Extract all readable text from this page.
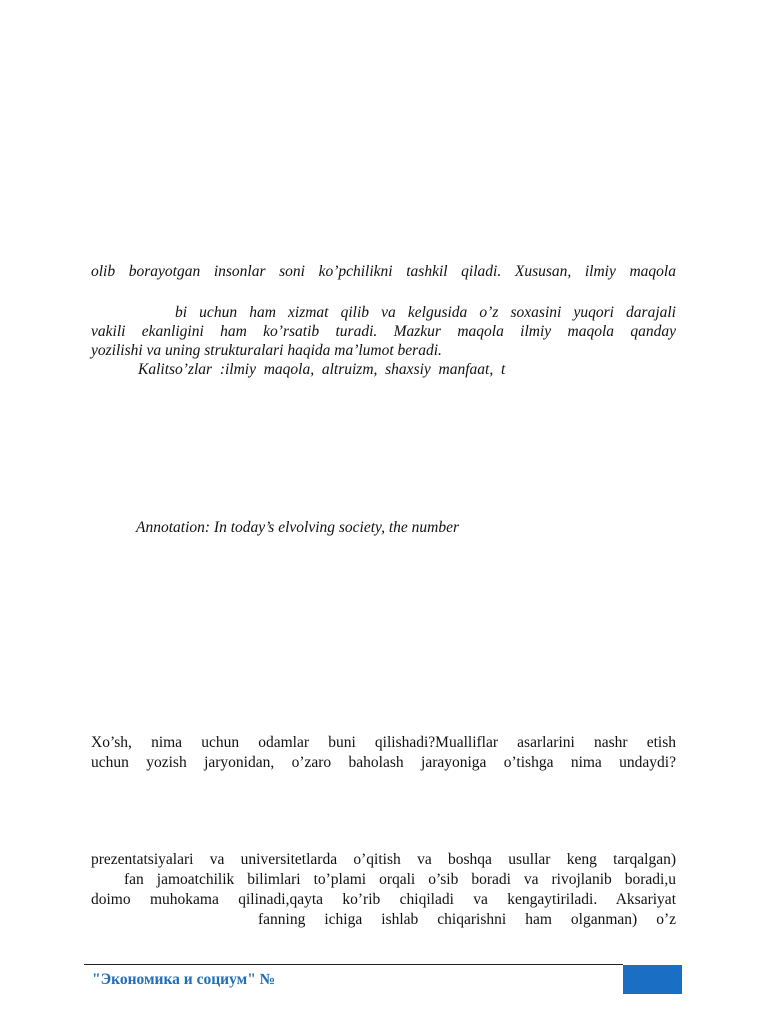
olib borayotgan insonlar soni ko’pchilikni tashkil qiladi. Xususan, ilmiy maqola
bi uchun ham xizmat qilib va kelgusida o’z soxasini yuqori darajali
vakili ekanligini ham ko’rsatib turadi. Mazkur maqola ilmiy maqola qanday
yozilishi va uning strukturalari haqida ma’lumot beradi.
Kalitso’zlar  :ilmiy  maqola,  altruizm,  shaxsiy  manfaat,  t
Annotation: In today’s elvolving society, the number
Xo’sh, nima uchun odamlar buni qilishadi?Mualliflar asarlarini nashr etish
uchun yozish jaryonidan, o’zaro baholash jarayoniga o’tishga nima undaydi?
prezentatsiyalari va universitetlarda o’qitish va boshqa usullar keng tarqalgan)
fan jamoatchilik bilimlari to’plami orqali o’sib boradi va rivojlanib boradi,u
doimo muhokama qilinadi,qayta ko’rib chiqiladi va kengaytiriladi. Aksariyat
fanning ichiga ishlab chiqarishni ham olganman) o’z
"Экономика и социум" №
